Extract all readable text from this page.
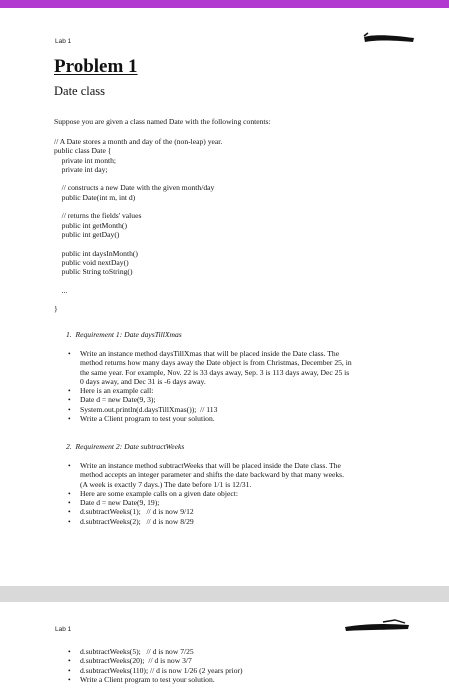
Lab 1
Problem 1
Date class
Suppose you are given a class named Date with the following contents:
// A Date stores a month and day of the (non-leap) year.
public class Date {
private int month;
private int day;

// constructs a new Date with the given month/day
public Date(int m, int d)

// returns the fields' values
public int getMonth()
public int getDay()

public int daysInMonth()
public void nextDay()
public String toString()

...

}
1.  Requirement 1: Date daysTillXmas
• Write an instance method daysTillXmas that will be placed inside the Date class. The
method returns how many days away the Date object is from Christmas, December 25, in
the same year. For example, Nov. 22 is 33 days away, Sep. 3 is 113 days away, Dec 25 is
0 days away, and Dec 31 is -6 days away.
• Here is an example call:
• Date d = new Date(9, 3);
• System.out.println(d.daysTillXmas());  // 113
• Write a Client program to test your solution.
2.  Requirement 2: Date subtractWeeks
• Write an instance method subtractWeeks that will be placed inside the Date class. The
method accepts an integer parameter and shifts the date backward by that many weeks.
(A week is exactly 7 days.) The date before 1/1 is 12/31.
• Here are some example calls on a given date object:
• Date d = new Date(9, 19);
• d.subtractWeeks(1);   // d is now 9/12
• d.subtractWeeks(2);   // d is now 8/29
Lab 1
• d.subtractWeeks(5);   // d is now 7/25
• d.subtractWeeks(20);  // d is now 3/7
• d.subtractWeeks(110); // d is now 1/26 (2 years prior)
• Write a Client program to test your solution.
